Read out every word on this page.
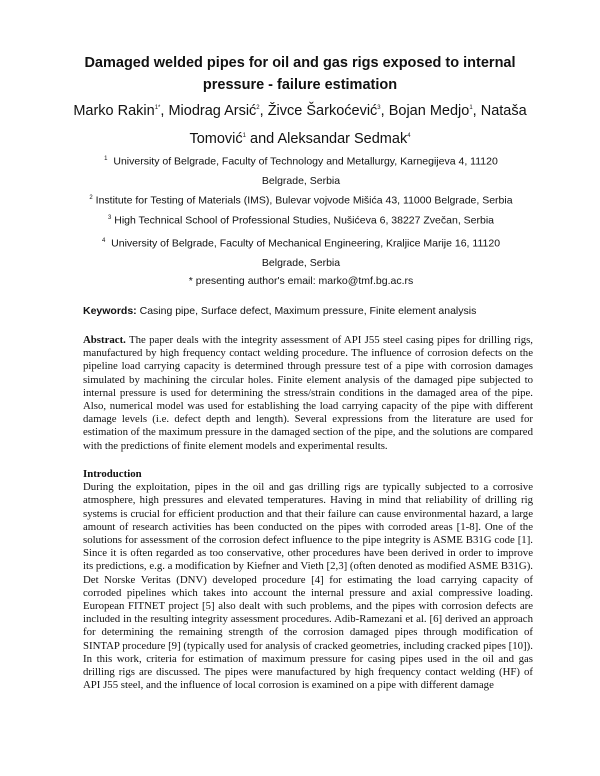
Damaged welded pipes for oil and gas rigs exposed to internal pressure - failure estimation
Marko Rakin$^{1*}$, Miodrag Arsić$^2$, Živce Šarkoćević$^3$, Bojan Medjo$^1$, Nataša Tomović$^1$ and Aleksandar Sedmak$^4$
$^1$ University of Belgrade, Faculty of Technology and Metallurgy, Karnegijeva 4, 11120 Belgrade, Serbia
$^2$ Institute for Testing of Materials (IMS), Bulevar vojvode Mišića 43, 11000 Belgrade, Serbia
$^3$ High Technical School of Professional Studies, Nušićeva 6, 38227 Zvečan, Serbia
$^4$ University of Belgrade, Faculty of Mechanical Engineering, Kraljice Marije 16, 11120 Belgrade, Serbia
* presenting author's email: marko@tmf.bg.ac.rs
Keywords: Casing pipe, Surface defect, Maximum pressure, Finite element analysis

Abstract. The paper deals with the integrity assessment of API J55 steel casing pipes for drilling rigs, manufactured by high frequency contact welding procedure. The influence of corrosion defects on the pipeline load carrying capacity is determined through pressure test of a pipe with corrosion damages simulated by machining the circular holes. Finite element analysis of the damaged pipe subjected to internal pressure is used for determining the stress/strain conditions in the damaged area of the pipe. Also, numerical model was used for establishing the load carrying capacity of the pipe with different damage levels (i.e. defect depth and length). Several expressions from the literature are used for estimation of the maximum pressure in the damaged section of the pipe, and the solutions are compared with the predictions of finite element models and experimental results.

Introduction

During the exploitation, pipes in the oil and gas drilling rigs are typically subjected to a corrosive atmosphere, high pressures and elevated temperatures. Having in mind that reliability of drilling rig systems is crucial for efficient production and that their failure can cause environmental hazard, a large amount of research activities has been conducted on the pipes with corroded areas [1-8]. One of the solutions for assessment of the corrosion defect influence to the pipe integrity is ASME B31G code [1]. Since it is often regarded as too conservative, other procedures have been derived in order to improve its predictions, e.g. a modification by Kiefner and Vieth [2,3] (often denoted as modified ASME B31G). Det Norske Veritas (DNV) developed procedure [4] for estimating the load carrying capacity of corroded pipelines which takes into account the internal pressure and axial compressive loading. European FITNET project [5] also dealt with such problems, and the pipes with corrosion defects are included in the resulting integrity assessment procedures. Adib-Ramezani et al. [6] derived an approach for determining the remaining strength of the corrosion damaged pipes through modification of SINTAP procedure [9] (typically used for analysis of cracked geometries, including cracked pipes [10]).

In this work, criteria for estimation of maximum pressure for casing pipes used in the oil and gas drilling rigs are discussed. The pipes were manufactured by high frequency contact welding (HF) of API J55 steel, and the influence of local corrosion is examined on a pipe with different damage
